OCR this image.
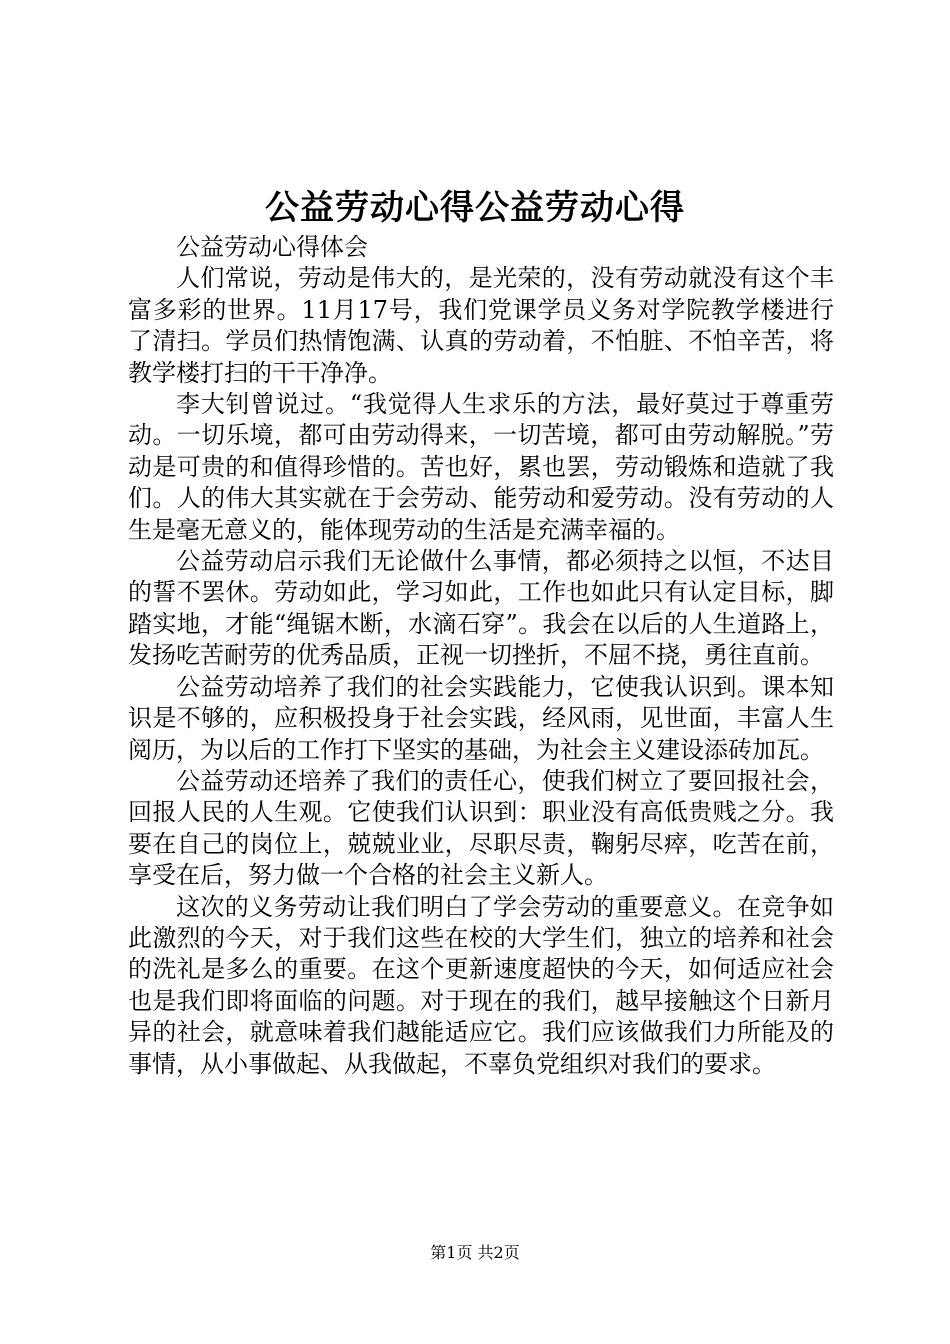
公益劳动心得公益劳动心得

公益劳动心得体会

人们常说，劳动是伟大的，是光荣的，没有劳动就没有这个丰富多彩的世界。11月17号，我们党课学员义务对学院教学楼进行了清扫。学员们热情饱满、认真的劳动着，不怕脏、不怕辛苦，将教学楼打扫的干干净净。

李大钊曾说过。“我觉得人生求乐的方法，最好莫过于尊重劳动。一切乐境，都可由劳动得来，一切苦境，都可由劳动解脱。”劳动是可贵的和值得珍惜的。苦也好，累也罢，劳动锻炼和造就了我们。人的伟大其实就在于会劳动、能劳动和爱劳动。没有劳动的人生是毫无意义的，能体现劳动的生活是充满幸福的。

公益劳动启示我们无论做什么事情，都必须持之以恒，不达目的誓不罢休。劳动如此，学习如此，工作也如此只有认定目标，脚踏实地，才能“绳锯木断，水滴石穿”。我会在以后的人生道路上，发扬吃苦耐劳的优秀品质，正视一切挫折，不屈不挠，勇往直前。

公益劳动培养了我们的社会实践能力，它使我认识到。课本知识是不够的，应积极投身于社会实践，经风雨，见世面，丰富人生阅历，为以后的工作打下坚实的基础，为社会主义建设添砖加瓦。

公益劳动还培养了我们的责任心，使我们树立了要回报社会，回报人民的人生观。它使我们认识到：职业没有高低贵贱之分。我要在自己的岗位上，兢兢业业，尽职尽责，鞠躬尽瘁，吃苦在前，享受在后，努力做一个合格的社会主义新人。

这次的义务劳动让我们明白了学会劳动的重要意义。在竞争如此激烈的今天，对于我们这些在校的大学生们，独立的培养和社会的洗礼是多么的重要。在这个更新速度超快的今天，如何适应社会也是我们即将面临的问题。对于现在的我们，越早接触这个日新月异的社会，就意味着我们越能适应它。我们应该做我们力所能及的事情，从小事做起、从我做起，不辜负党组织对我们的要求。

第1页 共2页
